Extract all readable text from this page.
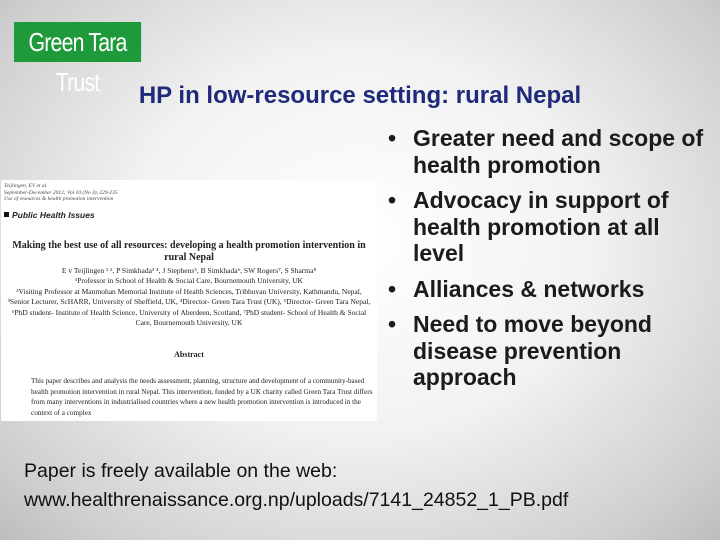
Green Tara Trust	HP in low-resource setting: rural Nepal
Teijlingen, EV et al.
September-December 2012; Vol 10 (No 3), 229-235
Use of resources & health promotion intervention
Public Health Issues
Making the best use of all resources: developing a health promotion intervention in rural Nepal
E v Teijlingen ¹ ², P Simkhada³ ⁴, J Stephens⁵, B Simkhada⁶, SW Rogers⁷, S Sharma⁸
¹Professor in School of Health & Social Care, Bournemouth University, UK
²Visiting Professor at Manmohan Memorial Institute of Health Sciences, Tribhuvan University, Kathmandu, Nepal, ³Senior Lecturer, ScHARR, University of Sheffield, UK, ⁴Director- Green Tara Trust (UK), ⁵Director- Green Tara Nepal, ⁶PhD student- Institute of Health Science, University of Aberdeen, Scotland, ⁷PhD student- School of Health & Social Care, Bournemouth University, UK
Abstract
This paper describes and analysis the needs assessment, planning, structure and development of a community-based health promotion intervention in rural Nepal. This intervention, funded by a UK charity called Green Tara Trust differs from many interventions in industrialised countries where a new health promotion intervention is introduced in the context of a complex
• Greater need and scope of health promotion
• Advocacy in support of health promotion at all level
• Alliances & networks
• Need to move beyond disease prevention approach
Paper is freely available on the web:
www.healthrenaissance.org.np/uploads/7141_24852_1_PB.pdf
